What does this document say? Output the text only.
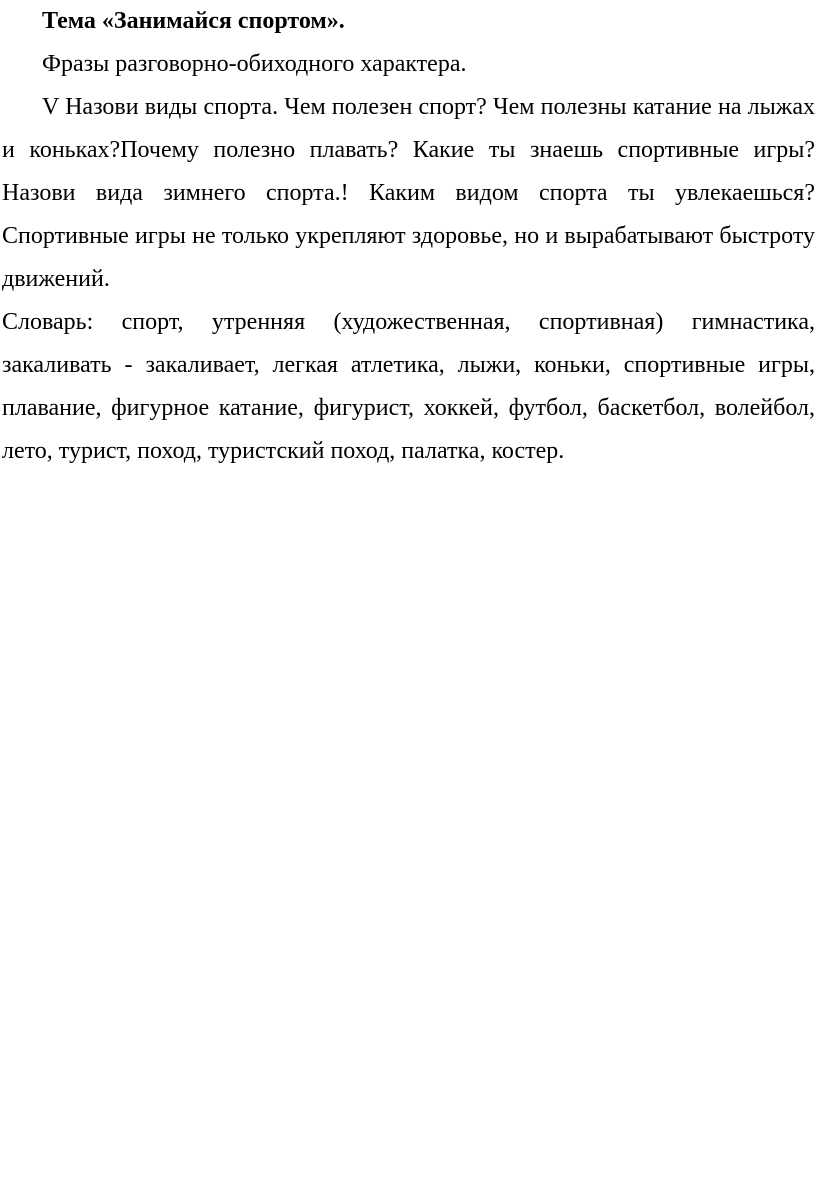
Тема «Занимайся спортом».

Фразы разговорно-обиходного характера.

V Назови виды спорта. Чем полезен спорт? Чем полезны катание на лыжах и коньках?Почему полезно плавать? Какие ты знаешь спортивные игры? Назови вида зимнего спорта.! Каким видом спорта ты увлекаешься? Спортивные игры не только укрепляют здоровье, но и вырабатывают быстроту движений.

Словарь: спорт, утренняя (художественная, спортивная) гимнастика, закаливать - закаливает, легкая атлетика, лыжи, коньки, спортивные игры, плавание, фигурное катание, фигурист, хоккей, футбол, баскетбол, волейбол, лето, турист, поход, туристский поход, палатка, костер.
